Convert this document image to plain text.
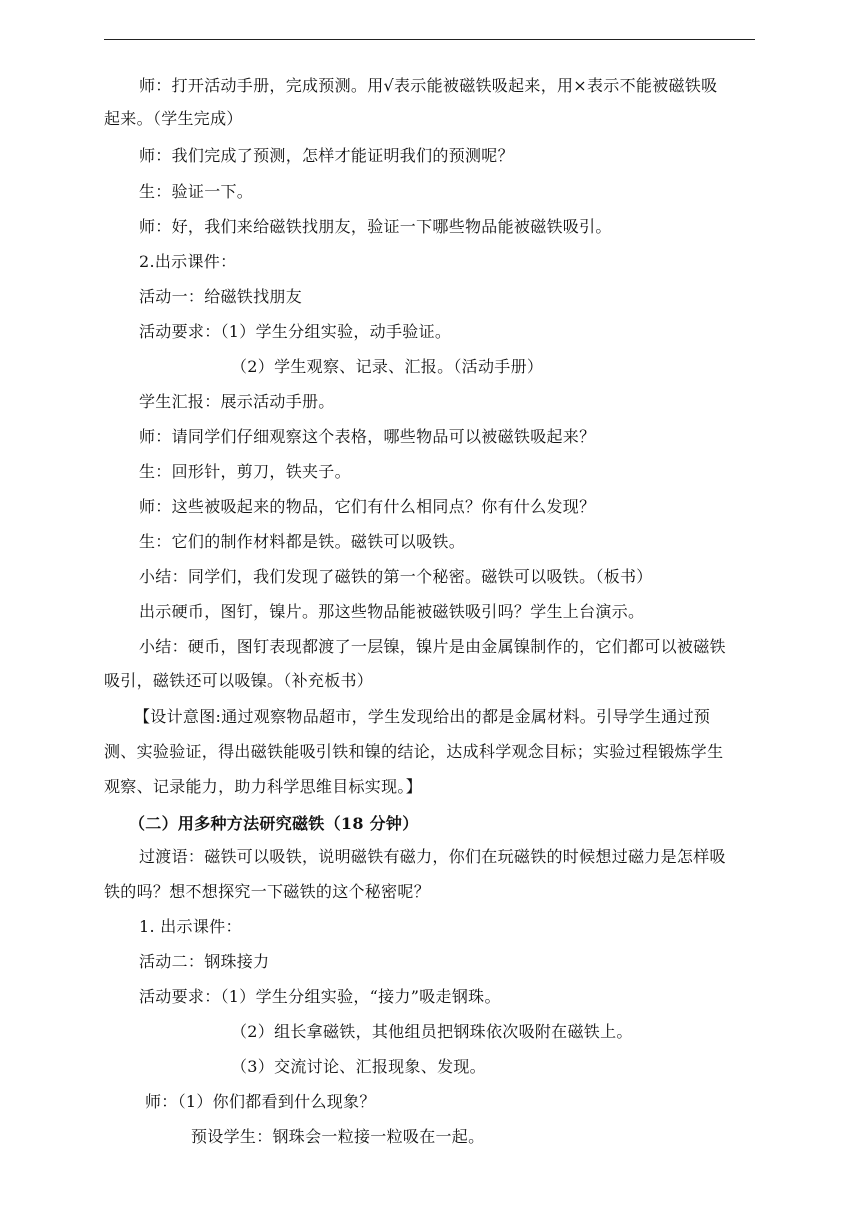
师：打开活动手册，完成预测。用√表示能被磁铁吸起来，用×表示不能被磁铁吸
起来。（学生完成）
师：我们完成了预测，怎样才能证明我们的预测呢？
生：验证一下。
师：好，我们来给磁铁找朋友，验证一下哪些物品能被磁铁吸引。
2.出示课件：
活动一：给磁铁找朋友
活动要求：（1）学生分组实验，动手验证。
（2）学生观察、记录、汇报。（活动手册）
学生汇报：展示活动手册。
师：请同学们仔细观察这个表格，哪些物品可以被磁铁吸起来？
生：回形针，剪刀，铁夹子。
师：这些被吸起来的物品，它们有什么相同点？你有什么发现？
生：它们的制作材料都是铁。磁铁可以吸铁。
小结：同学们，我们发现了磁铁的第一个秘密。磁铁可以吸铁。（板书）
出示硬币，图钉，镍片。那这些物品能被磁铁吸引吗？学生上台演示。
小结：硬币，图钉表现都渡了一层镍，镍片是由金属镍制作的，它们都可以被磁铁
吸引，磁铁还可以吸镍。（补充板书）
【设计意图:通过观察物品超市，学生发现给出的都是金属材料。引导学生通过预
测、实验验证，得出磁铁能吸引铁和镍的结论，达成科学观念目标；实验过程锻炼学生
观察、记录能力，助力科学思维目标实现。】
（二）用多种方法研究磁铁（18 分钟）
过渡语：磁铁可以吸铁，说明磁铁有磁力，你们在玩磁铁的时候想过磁力是怎样吸
铁的吗？想不想探究一下磁铁的这个秘密呢？
1. 出示课件：
活动二：钢珠接力
活动要求：（1）学生分组实验，“接力”吸走钢珠。
（2）组长拿磁铁，其他组员把钢珠依次吸附在磁铁上。
（3）交流讨论、汇报现象、发现。
师：（1）你们都看到什么现象？
预设学生：钢珠会一粒接一粒吸在一起。
